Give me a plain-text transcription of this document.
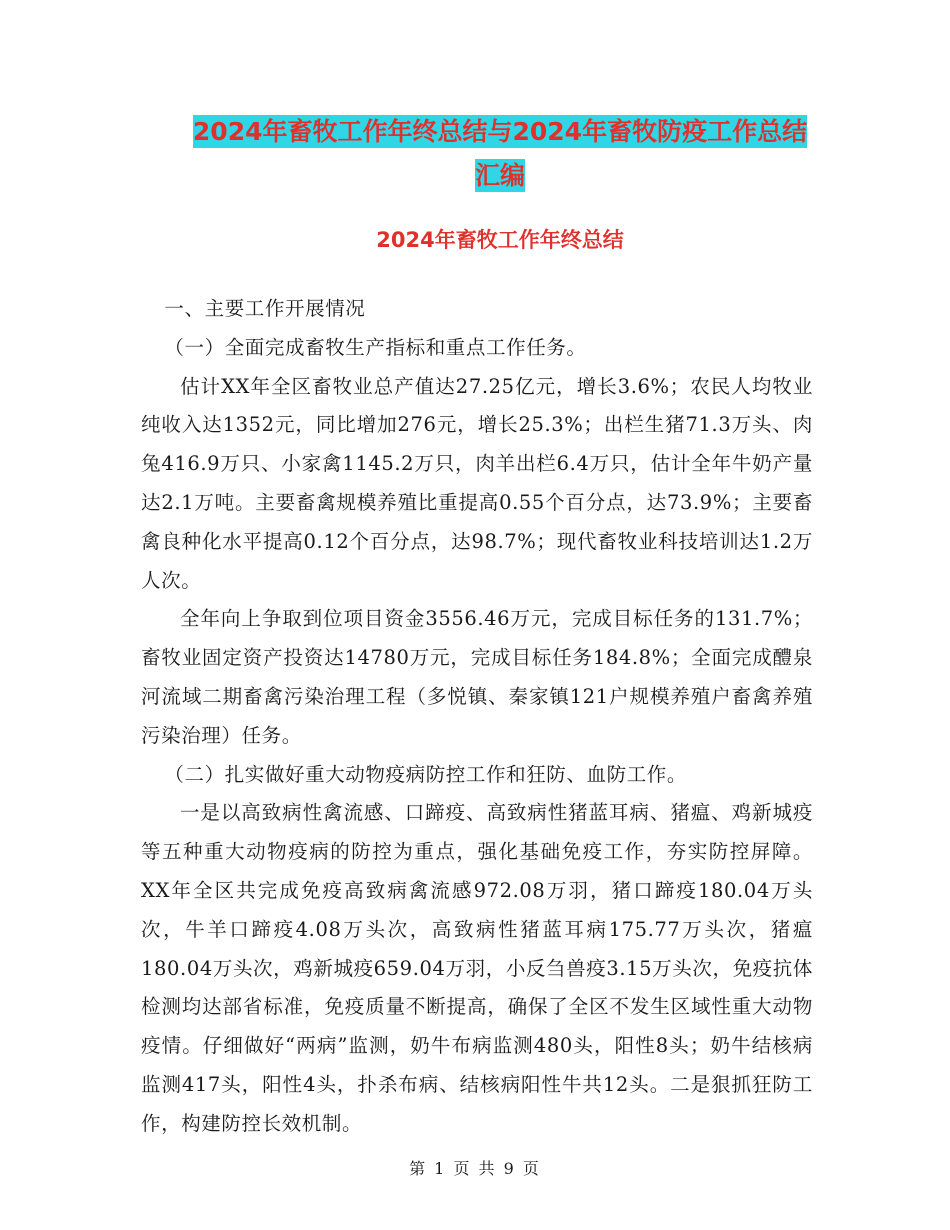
2024年畜牧工作年终总结与2024年畜牧防疫工作总结
汇编
2024年畜牧工作年终总结

一、主要工作开展情况

（一）全面完成畜牧生产指标和重点工作任务。

估计XX年全区畜牧业总产值达27.25亿元，增长3.6%；农民人均牧业纯收入达1352元，同比增加276元，增长25.3%；出栏生猪71.3万头、肉兔416.9万只、小家禽1145.2万只，肉羊出栏6.4万只，估计全年牛奶产量达2.1万吨。主要畜禽规模养殖比重提高0.55个百分点，达73.9%；主要畜禽良种化水平提高0.12个百分点，达98.7%；现代畜牧业科技培训达1.2万人次。

全年向上争取到位项目资金3556.46万元，完成目标任务的131.7%；畜牧业固定资产投资达14780万元，完成目标任务184.8%；全面完成醴泉河流域二期畜禽污染治理工程（多悦镇、秦家镇121户规模养殖户畜禽养殖污染治理）任务。

（二）扎实做好重大动物疫病防控工作和狂防、血防工作。

一是以高致病性禽流感、口蹄疫、高致病性猪蓝耳病、猪瘟、鸡新城疫等五种重大动物疫病的防控为重点，强化基础免疫工作，夯实防控屏障。XX年全区共完成免疫高致病禽流感972.08万羽，猪口蹄疫180.04万头次，牛羊口蹄疫4.08万头次，高致病性猪蓝耳病175.77万头次，猪瘟180.04万头次，鸡新城疫659.04万羽，小反刍兽疫3.15万头次，免疫抗体检测均达部省标准，免疫质量不断提高，确保了全区不发生区域性重大动物疫情。仔细做好“两病”监测，奶牛布病监测480头，阳性8头；奶牛结核病监测417头，阳性4头，扑杀布病、结核病阳性牛共12头。二是狠抓狂防工作，构建防控长效机制。

第 1 页 共 9 页
